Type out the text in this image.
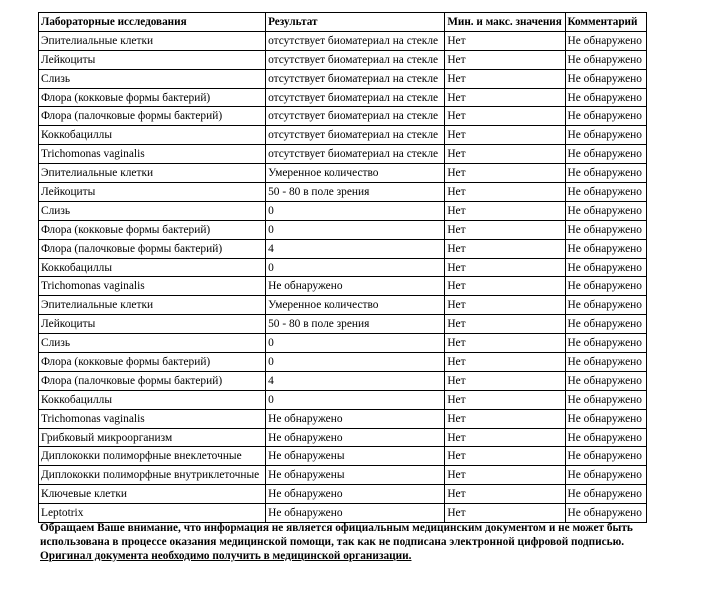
Лабораторные исследования	Результат	Мин. и макс. значения	Комментарий
Эпителиальные клетки	отсутствует биоматериал на стекле	Нет	Не обнаружено
Лейкоциты	отсутствует биоматериал на стекле	Нет	Не обнаружено
Слизь	отсутствует биоматериал на стекле	Нет	Не обнаружено
Флора (кокковые формы бактерий)	отсутствует биоматериал на стекле	Нет	Не обнаружено
Флора (палочковые формы бактерий)	отсутствует биоматериал на стекле	Нет	Не обнаружено
Коккобациллы	отсутствует биоматериал на стекле	Нет	Не обнаружено
Trichomonas vaginalis	отсутствует биоматериал на стекле	Нет	Не обнаружено
Эпителиальные клетки	Умеренное количество	Нет	Не обнаружено
Лейкоциты	50 - 80 в поле зрения	Нет	Не обнаружено
Слизь	0	Нет	Не обнаружено
Флора (кокковые формы бактерий)	0	Нет	Не обнаружено
Флора (палочковые формы бактерий)	4	Нет	Не обнаружено
Коккобациллы	0	Нет	Не обнаружено
Trichomonas vaginalis	Не обнаружено	Нет	Не обнаружено
Эпителиальные клетки	Умеренное количество	Нет	Не обнаружено
Лейкоциты	50 - 80 в поле зрения	Нет	Не обнаружено
Слизь	0	Нет	Не обнаружено
Флора (кокковые формы бактерий)	0	Нет	Не обнаружено
Флора (палочковые формы бактерий)	4	Нет	Не обнаружено
Коккобациллы	0	Нет	Не обнаружено
Trichomonas vaginalis	Не обнаружено	Нет	Не обнаружено
Грибковый микроорганизм	Не обнаружено	Нет	Не обнаружено
Диплококки полиморфные внеклеточные	Не обнаружены	Нет	Не обнаружено
Диплококки полиморфные внутриклеточные	Не обнаружены	Нет	Не обнаружено
Ключевые клетки	Не обнаружено	Нет	Не обнаружено
Leptotrix	Не обнаружено	Нет	Не обнаружено

Обращаем Ваше внимание, что информация не является официальным медицинским документом и не может быть

использована в процессе оказания медицинской помощи, так как не подписана электронной цифровой подписью.

Оригинал документа необходимо получить в медицинской организации.
